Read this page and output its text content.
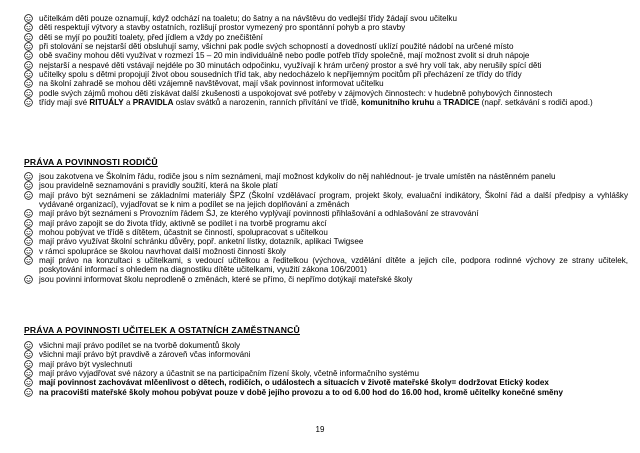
učitelkám děti pouze oznamují, když odchází na toaletu; do šatny a na návštěvu do vedlejší třídy žádají svou učitelku
děti respektují výtvory a stavby ostatních, rozlišují prostor vymezený pro spontánní pohyb a pro stavby
děti se myjí po použití toalety, před jídlem a vždy po znečištění
při stolování se nejstarší děti obsluhují samy, všichni pak podle svých schopností a dovedností uklízí použité nádobí na určené místo
obě svačiny mohou děti využívat v rozmezí 15 – 20 min individuálně nebo podle potřeb třídy společně, mají možnost zvolit si druh nápoje
nejstarší a nespavé děti vstávají nejdéle po 30 minutách odpočinku, využívají k hrám určený prostor a své hry volí tak, aby nerušily spící děti
učitelky spolu s dětmi propojují život obou sousedních tříd tak, aby nedocházelo k nepřijemným pocitům při přecházení ze třídy do třídy
na školní zahradě se mohou děti vzájemně navštěvovat, mají však povinnost informovat učitelku
podle svých zájmů mohou děti získávat další zkušenosti a uspokojovat své potřeby v zájmových činnostech: v hudebně pohybových činnostech
třídy mají své RITUÁLY a PRAVIDLA oslav svátků a narozenin, ranních přivítání ve třídě, komunitního kruhu a TRADICE (např. setkávání s rodiči apod.)
PRÁVA A POVINNOSTI RODIČŮ
jsou zakotvena ve Školním řádu, rodiče jsou s ním seznámeni, mají možnost kdykoliv do něj nahlédnout- je trvale umístěn na nástěnném panelu
jsou pravidelně seznamováni s pravidly soužití, která na škole platí
mají právo být seznámeni se základními materiály ŠPZ (Školní vzdělávací program, projekt školy, evaluační indikátory, Školní řád a další předpisy a vyhlášky vydávané organizací), vyjadřovat se k nim a podílet se na jejich doplňování a změnách
mají právo být seznámeni s Provozním řádem ŠJ, ze kterého vyplývají povinnosti přihlašování a odhlašování ze stravování
mají právo zapojit se do života třídy, aktivně se podílet i na tvorbě programu akcí
mohou pobývat ve třídě s dítětem, účastnit se činností, spolupracovat s učitelkou
mají právo využívat školní schránku důvěry, popř. anketní lístky, dotazník, aplikaci Twigsee
v rámci spolupráce se školou navrhovat další možnosti činností školy
mají právo na konzultaci s učitelkami, s vedoucí učitelkou a ředitelkou (výchova, vzdělání dítěte a jejich cíle, podpora rodinné výchovy ze strany učitelek, poskytování informací s ohledem na diagnostiku dítěte učitelkami, využití zákona 106/2001)
jsou povinni informovat školu neprodleně o změnách, které se přímo, či nepřímo dotýkají mateřské školy
PRÁVA A POVINNOSTI UČITELEK A OSTATNÍCH ZAMĚSTNANCŮ
všichni mají právo podílet se na tvorbě dokumentů školy
všichni mají právo být pravdivě a zároveň včas informováni
mají právo být vyslechnuti
mají právo vyjadřovat své názory a účastnit se na participačním řízení školy, včetně informačního systému
mají povinnost zachovávat mlčenlivost o dětech, rodičích, o událostech a situacích v životě mateřské školy= dodržovat Etický kodex
na pracovišti mateřské školy mohou pobývat pouze v době jejího provozu a to od 6.00 hod do 16.00 hod, kromě učitelky konečné směny
19
